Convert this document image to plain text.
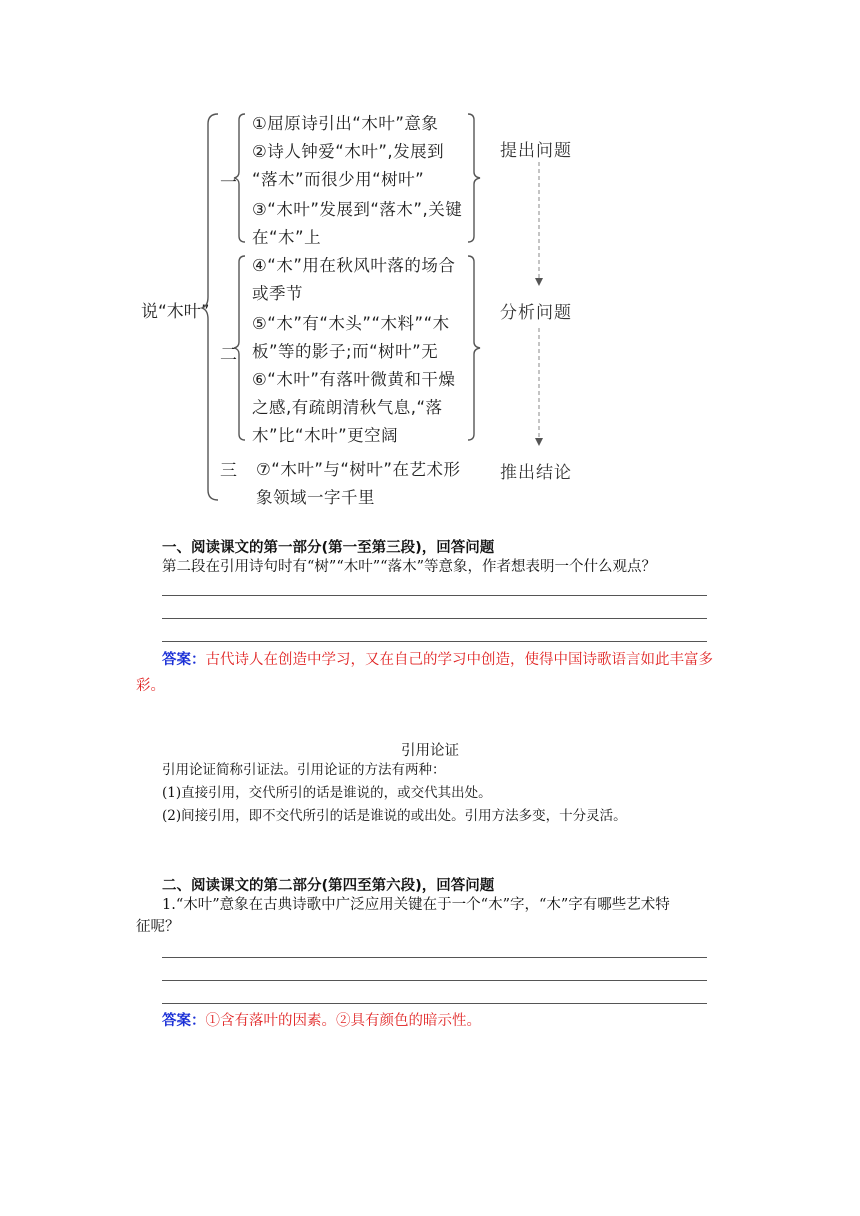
说“木叶”
一
①屈原诗引出“木叶”意象
②诗人钟爱“木叶”,发展到
“落木”而很少用“树叶”
③“木叶”发展到“落木”,关键
在“木”上
二
④“木”用在秋风叶落的场合
或季节
⑤“木”有“木头”“木料”“木
板”等的影子;而“树叶”无
⑥“木叶”有落叶微黄和干燥
之感,有疏朗清秋气息,“落
木”比“木叶”更空阔
三 ⑦“木叶”与“树叶”在艺术形
象领域一字千里
提出问题
分析问题
推出结论
一、阅读课文的第一部分(第一至第三段)，回答问题
第二段在引用诗句时有“树”“木叶”“落木”等意象，作者想表明一个什么观点？
答案：古代诗人在创造中学习，又在自己的学习中创造，使得中国诗歌语言如此丰富多
彩。
引用论证
引用论证简称引证法。引用论证的方法有两种：
(1)直接引用，交代所引的话是谁说的，或交代其出处。
(2)间接引用，即不交代所引的话是谁说的或出处。引用方法多变，十分灵活。
二、阅读课文的第二部分(第四至第六段)，回答问题
1.“木叶”意象在古典诗歌中广泛应用关键在于一个“木”字，“木”字有哪些艺术特
征呢？
答案：①含有落叶的因素。②具有颜色的暗示性。
